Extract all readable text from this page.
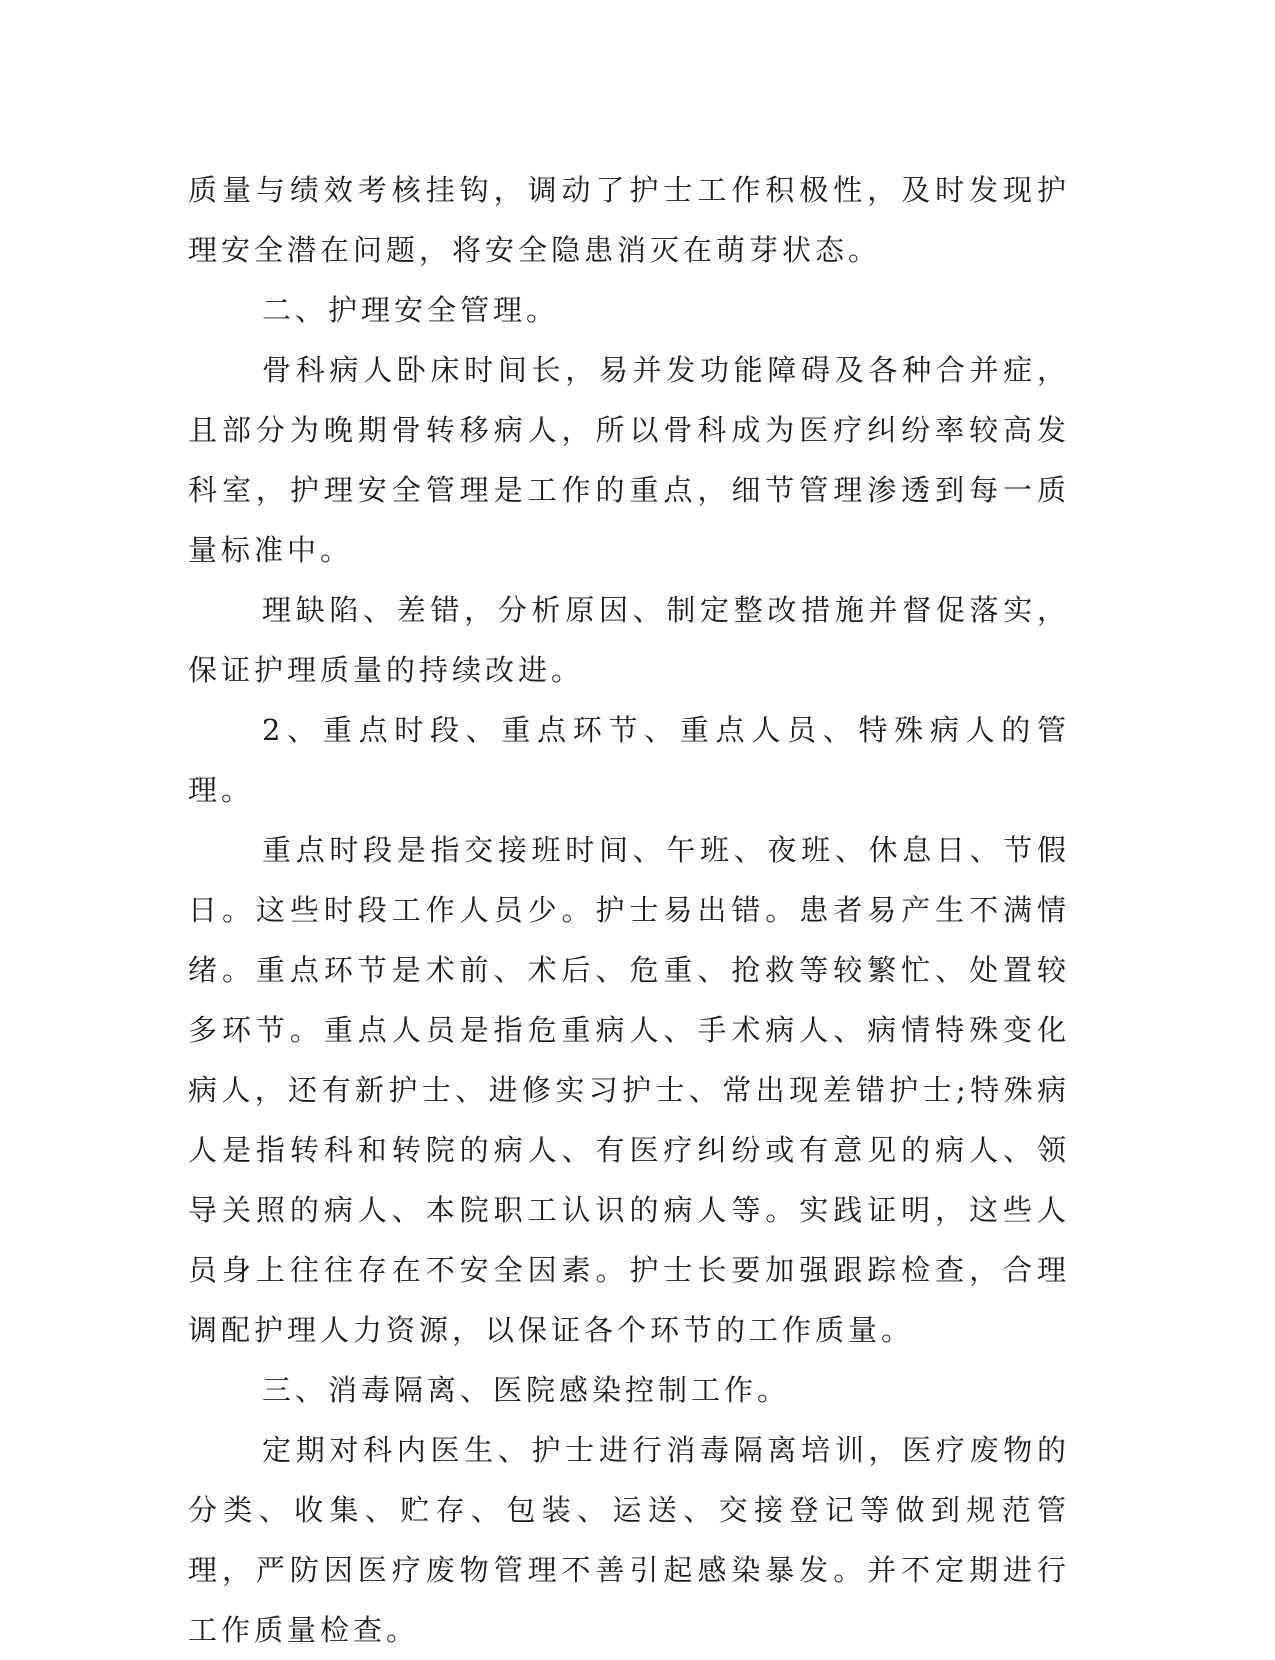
质量与绩效考核挂钩，调动了护士工作积极性，及时发现护理安全潜在问题，将安全隐患消灭在萌芽状态。

二、护理安全管理。

骨科病人卧床时间长，易并发功能障碍及各种合并症，且部分为晚期骨转移病人，所以骨科成为医疗纠纷率较高发科室，护理安全管理是工作的重点，细节管理渗透到每一质量标准中。

理缺陷、差错，分析原因、制定整改措施并督促落实，保证护理质量的持续改进。

2、重点时段、重点环节、重点人员、特殊病人的管理。

重点时段是指交接班时间、午班、夜班、休息日、节假日。这些时段工作人员少。护士易出错。患者易产生不满情绪。重点环节是术前、术后、危重、抢救等较繁忙、处置较多环节。重点人员是指危重病人、手术病人、病情特殊变化病人，还有新护士、进修实习护士、常出现差错护士;特殊病人是指转科和转院的病人、有医疗纠纷或有意见的病人、领导关照的病人、本院职工认识的病人等。实践证明，这些人员身上往往存在不安全因素。护士长要加强跟踪检查，合理调配护理人力资源，以保证各个环节的工作质量。

三、消毒隔离、医院感染控制工作。

定期对科内医生、护士进行消毒隔离培训，医疗废物的分类、收集、贮存、包装、运送、交接登记等做到规范管理，严防因医疗废物管理不善引起感染暴发。并不定期进行工作质量检查。
